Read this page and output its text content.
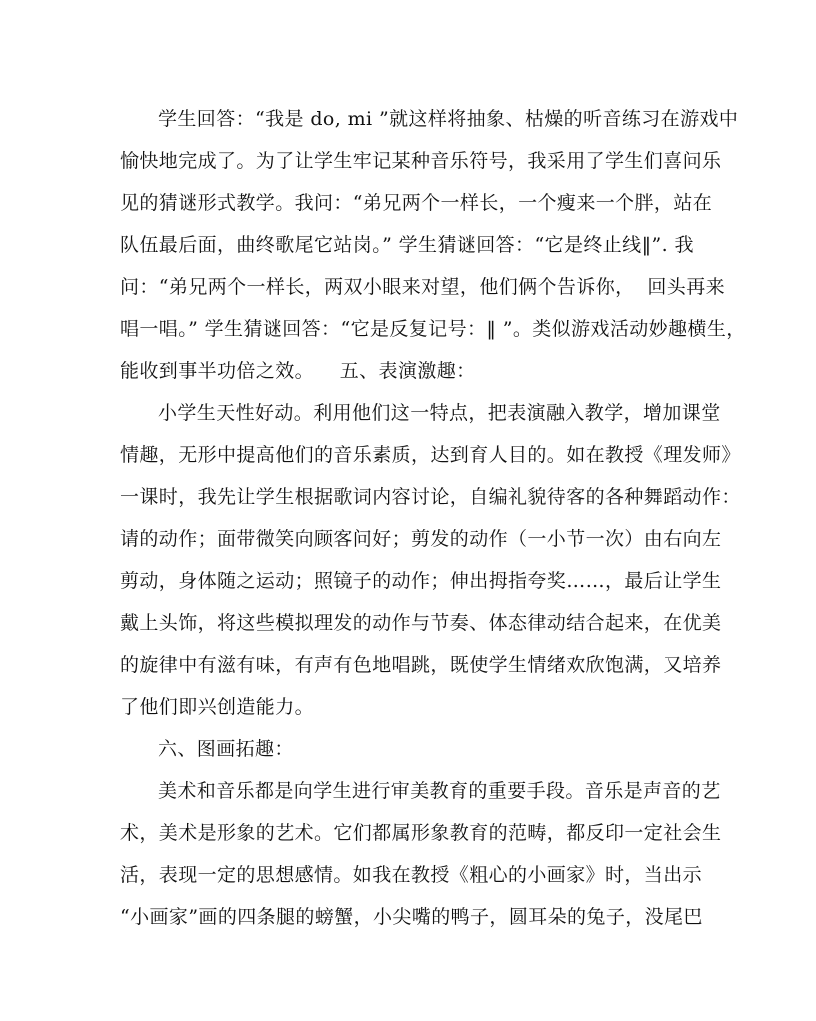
学生回答：“我是 do, mi ”就这样将抽象、枯燥的听音练习在游戏中
愉快地完成了。为了让学生牢记某种音乐符号，我采用了学生们喜问乐
见的猜谜形式教学。我问：“弟兄两个一样长，一个瘦来一个胖，站在
队伍最后面，曲终歌尾它站岗。” 学生猜谜回答：“它是终止线‖”. 我
问：“弟兄两个一样长，两双小眼来对望，他们俩个告诉你，  回头再来
唱一唱。” 学生猜谜回答：“它是反复记号：‖ ”。类似游戏活动妙趣横生，
能收到事半功倍之效。    五、表演激趣：
小学生天性好动。利用他们这一特点，把表演融入教学，增加课堂
情趣，无形中提高他们的音乐素质，达到育人目的。如在教授《理发师》
一课时，我先让学生根据歌词内容讨论，自编礼貌待客的各种舞蹈动作：
请的动作；面带微笑向顾客问好；剪发的动作（一小节一次）由右向左
剪动，身体随之运动；照镜子的动作；伸出拇指夸奖……，最后让学生
戴上头饰，将这些模拟理发的动作与节奏、体态律动结合起来，在优美
的旋律中有滋有味，有声有色地唱跳，既使学生情绪欢欣饱满，又培养
了他们即兴创造能力。
六、图画拓趣：
美术和音乐都是向学生进行审美教育的重要手段。音乐是声音的艺
术，美术是形象的艺术。它们都属形象教育的范畴，都反印一定社会生
活，表现一定的思想感情。如我在教授《粗心的小画家》时，当出示
“小画家”画的四条腿的螃蟹，小尖嘴的鸭子，圆耳朵的兔子，没尾巴
